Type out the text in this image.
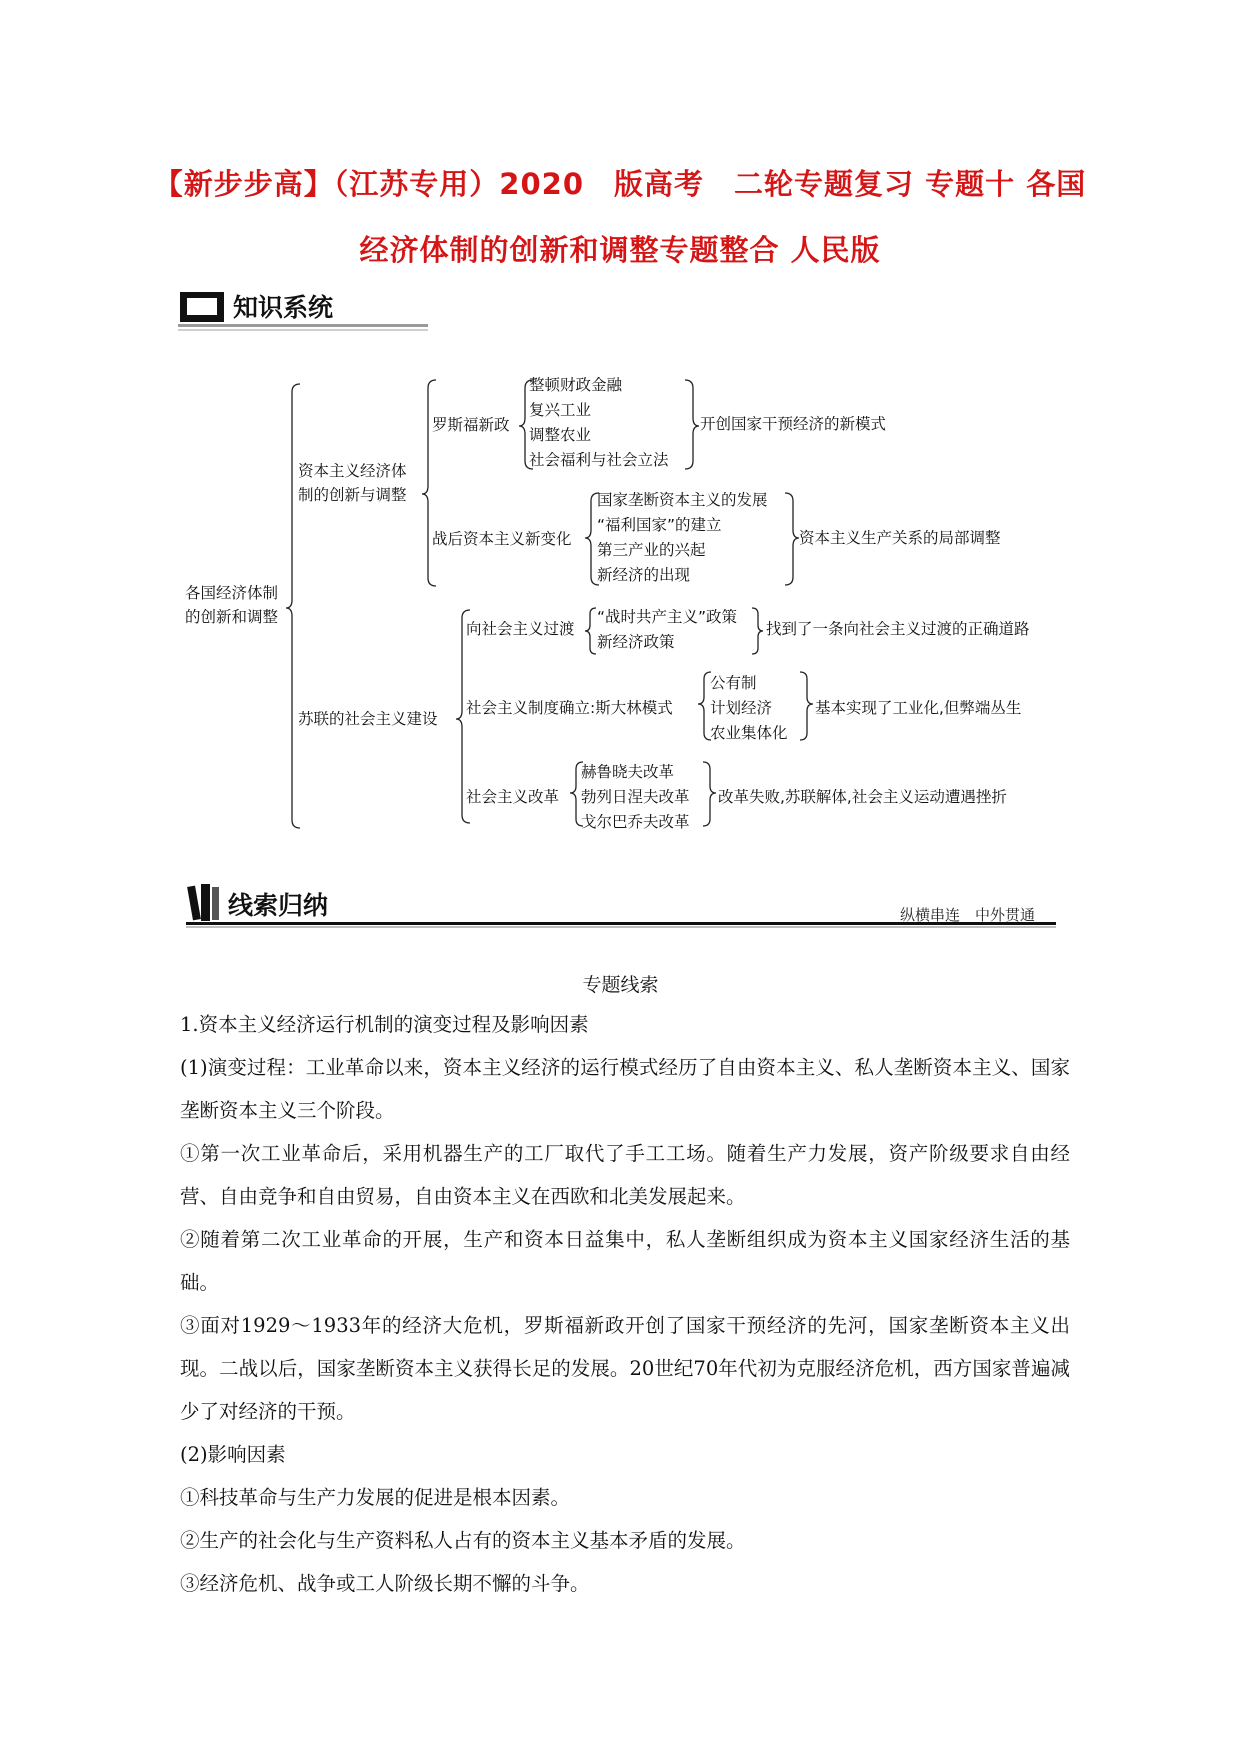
【新步步高】（江苏专用）2020　版高考　二轮专题复习 专题十 各国
经济体制的创新和调整专题整合 人民版
知识系统
各国经济体制
的创新和调整
资本主义经济体
制的创新与调整
罗斯福新政
整顿财政金融
复兴工业
调整农业
社会福利与社会立法
开创国家干预经济的新模式
战后资本主义新变化
国家垄断资本主义的发展
“福利国家”的建立
第三产业的兴起
新经济的出现
资本主义生产关系的局部调整
苏联的社会主义建设
向社会主义过渡
“战时共产主义”政策
新经济政策
找到了一条向社会主义过渡的正确道路
社会主义制度确立:斯大林模式
公有制
计划经济
农业集体化
基本实现了工业化,但弊端丛生
社会主义改革
赫鲁晓夫改革
勃列日涅夫改革
戈尔巴乔夫改革
改革失败,苏联解体,社会主义运动遭遇挫折
线索归纳	纵横串连　中外贯通
专题线索
1.资本主义经济运行机制的演变过程及影响因素
(1)演变过程：工业革命以来，资本主义经济的运行模式经历了自由资本主义、私人垄断资本主义、国家垄断资本主义三个阶段。
①第一次工业革命后，采用机器生产的工厂取代了手工工场。随着生产力发展，资产阶级要求自由经营、自由竞争和自由贸易，自由资本主义在西欧和北美发展起来。
②随着第二次工业革命的开展，生产和资本日益集中，私人垄断组织成为资本主义国家经济生活的基础。
③面对1929～1933年的经济大危机，罗斯福新政开创了国家干预经济的先河，国家垄断资本主义出现。二战以后，国家垄断资本主义获得长足的发展。20世纪70年代初为克服经济危机，西方国家普遍减少了对经济的干预。
(2)影响因素
①科技革命与生产力发展的促进是根本因素。
②生产的社会化与生产资料私人占有的资本主义基本矛盾的发展。
③经济危机、战争或工人阶级长期不懈的斗争。
